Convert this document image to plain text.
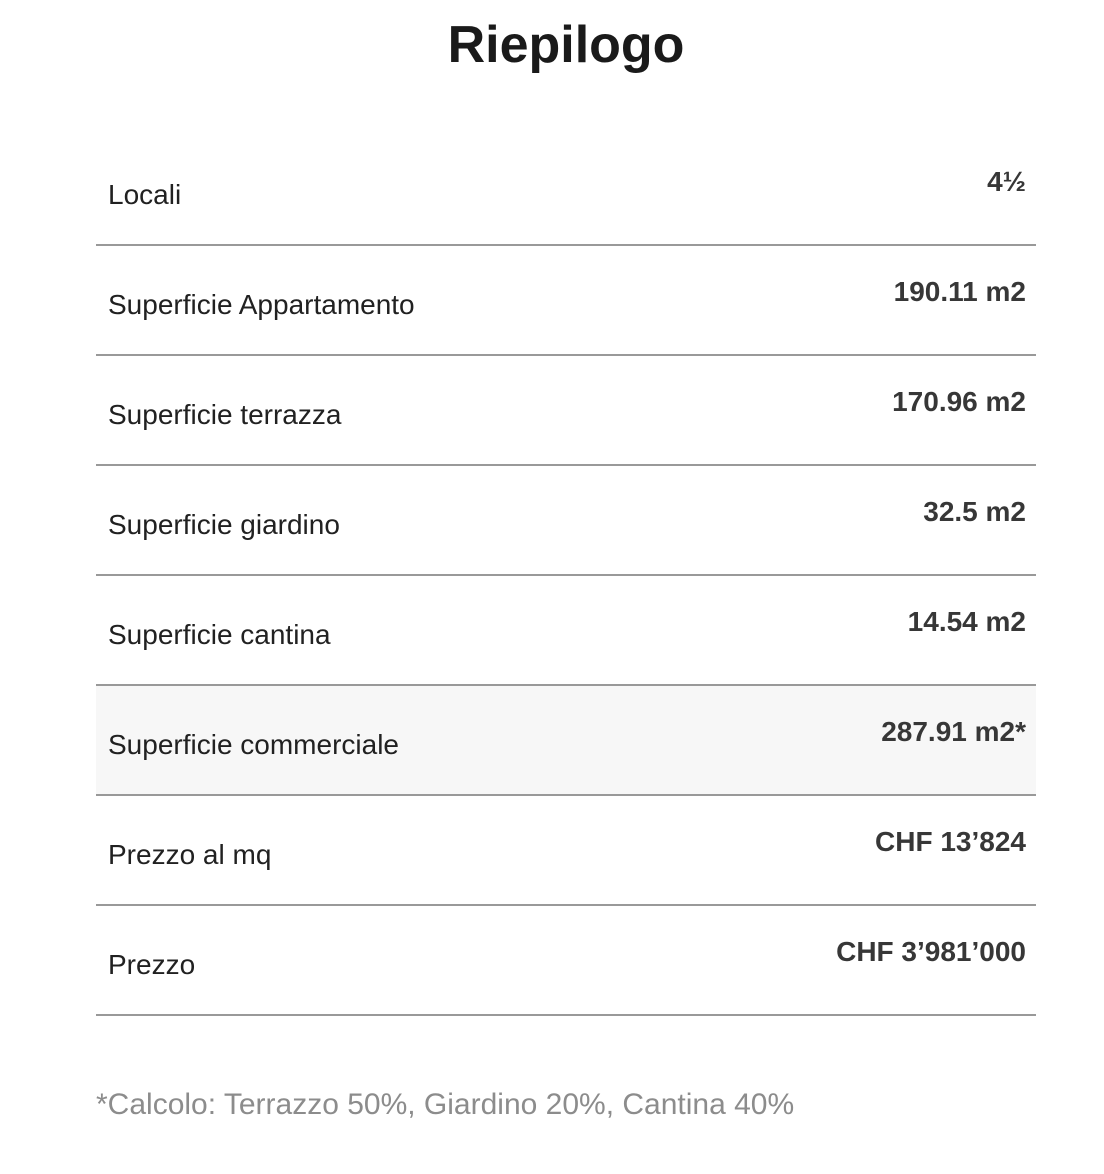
Riepilogo
Locali	4½
Superficie Appartamento	190.11 m2
Superficie terrazza	170.96 m2
Superficie giardino	32.5 m2
Superficie cantina	14.54 m2
Superficie commerciale	287.91 m2*
Prezzo al mq	CHF 13’824
Prezzo	CHF 3’981’000
*Calcolo: Terrazzo 50%, Giardino 20%, Cantina 40%
